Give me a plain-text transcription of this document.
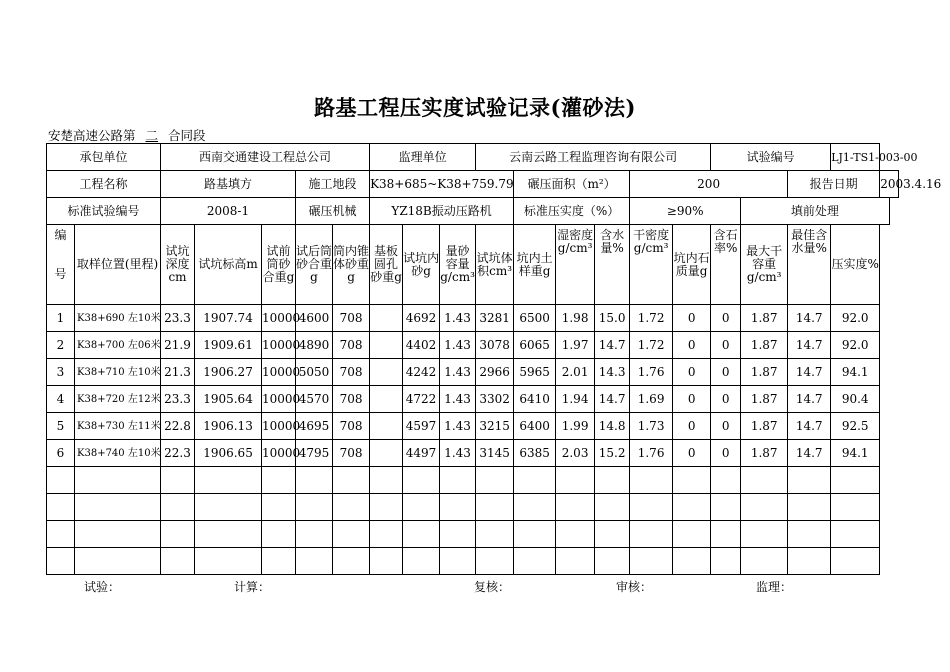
路基工程压实度试验记录(灌砂法)
安楚高速公路第 二 合同段
承包单位		西南交通建设工程总公司					监理单位			云南云路工程监理咨询有限公司						试验编号			LJ1-TS1-003-00	
工程名称		路基填方			施工地段		K38+685~K38+759.79				碾压面积（m²）			200				报告日期		2003.4.16
标准试验编号		2008-1			碾压机械		YZ18B振动压路机				标准压实度（%）			≥90%			填前处理			
编

号	取样位置(里程)	试坑深度cm	试坑标高m	试前筒砂合重g	试后筒砂合重g	筒内锥体砂重g	基板圆孔砂重g	试坑内砂g	量砂容量g/cm³	试坑体积cm³	坑内土样重g	湿密度g/cm³	含水量%	干密度g/cm³	坑内石质量g	含石率%	最大干容重g/cm³	最佳含水量%	压实度%	
1	K38+690 左10米	23.3	1907.74	10000	4600	708		4692	1.43	3281	6500	1.98	15.0	1.72	0	0	1.87	14.7	92.0	
2	K38+700 左06米	21.9	1909.61	10000	4890	708		4402	1.43	3078	6065	1.97	14.7	1.72	0	0	1.87	14.7	92.0	
3	K38+710 左10米	21.3	1906.27	10000	5050	708		4242	1.43	2966	5965	2.01	14.3	1.76	0	0	1.87	14.7	94.1	
4	K38+720 左12米	23.3	1905.64	10000	4570	708		4722	1.43	3302	6410	1.94	14.7	1.69	0	0	1.87	14.7	90.4	
5	K38+730 左11米	22.8	1906.13	10000	4695	708		4597	1.43	3215	6400	1.99	14.8	1.73	0	0	1.87	14.7	92.5	
6	K38+740 左10米	22.3	1906.65	10000	4795	708		4497	1.43	3145	6385	2.03	15.2	1.76	0	0	1.87	14.7	94.1	

试验：	计算：	复核：	审核：	监理：
